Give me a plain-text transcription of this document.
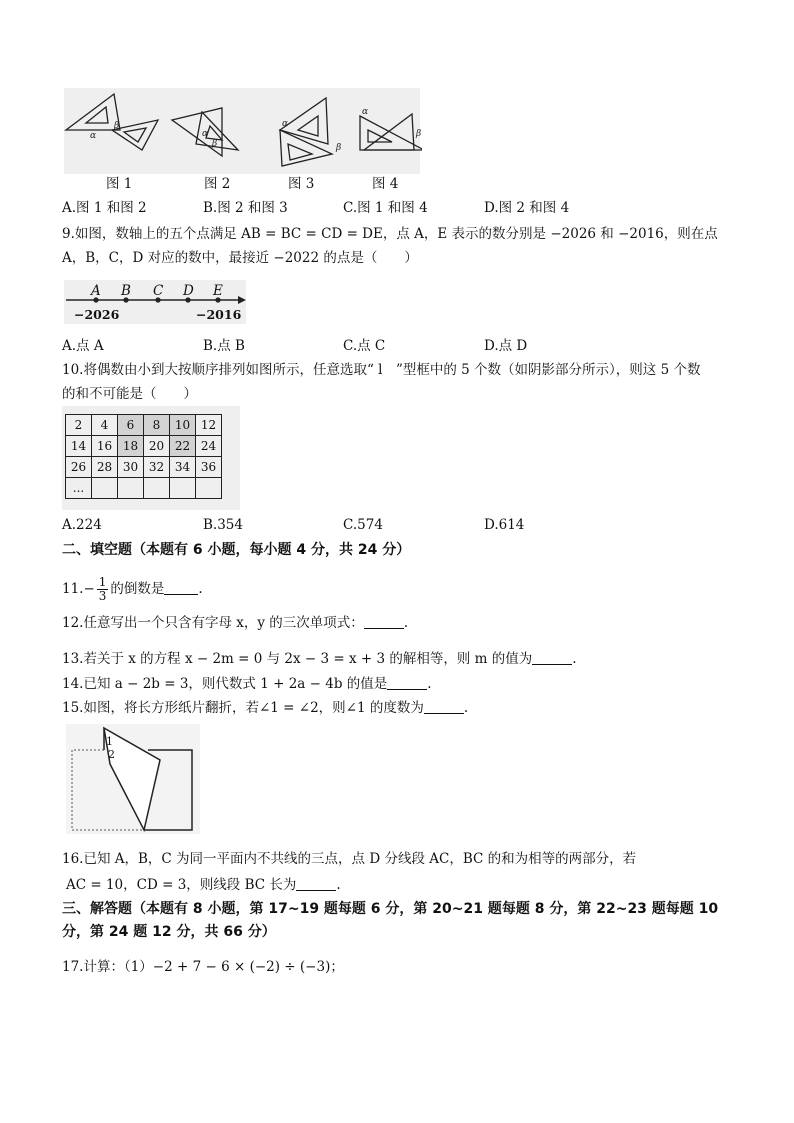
β
α	α
β
α
β
α
β
图 1	图 2	图 3	图 4
A.图 1 和图 2	B.图 2 和图 3	C.图 1 和图 4	D.图 2 和图 4
9.如图，数轴上的五个点满足 AB = BC = CD = DE，点 A，E 表示的数分别是 −2026 和 −2016，则在点
A，B，C，D 对应的数中，最接近 −2022 的点是（　　）
A B C D E
−2026	−2016
A.点 A	B.点 B	C.点 C	D.点 D
10.将偶数由小到大按顺序排列如图所示，任意选取“ l　”型框中的 5 个数（如阴影部分所示），则这 5 个数
的和不可能是（　　）
2	4	6	8	10	12
14	16	18	20	22	24
26	28	30	32	34	36
...					
A.224	B.354	C.574	D.614
二、填空题（本题有 6 小题，每小题 4 分，共 24 分）
$11.- \frac{1}{3}$ 的倒数是	.
12.任意写出一个只含有字母 x，y 的三次单项式：	.
13.若关于 x 的方程 x − 2m = 0 与 2x − 3 = x + 3 的解相等，则 m 的值为	.
14.已知 a − 2b = 3，则代数式 1 + 2a − 4b 的值是	.
15.如图，将长方形纸片翻折，若∠1 = ∠2，则∠1 的度数为	.
1
2
16.已知 A，B，C 为同一平面内不共线的三点，点 D 分线段 AC，BC 的和为相等的两部分，若
AC = 10，CD = 3，则线段 BC 长为	.
三、解答题（本题有 8 小题，第 17~19 题每题 6 分，第 20~21 题每题 8 分，第 22~23 题每题 10
分，第 24 题 12 分，共 66 分）
17.计算：（1）−2 + 7 − 6 × (−2) ÷ (−3)；
